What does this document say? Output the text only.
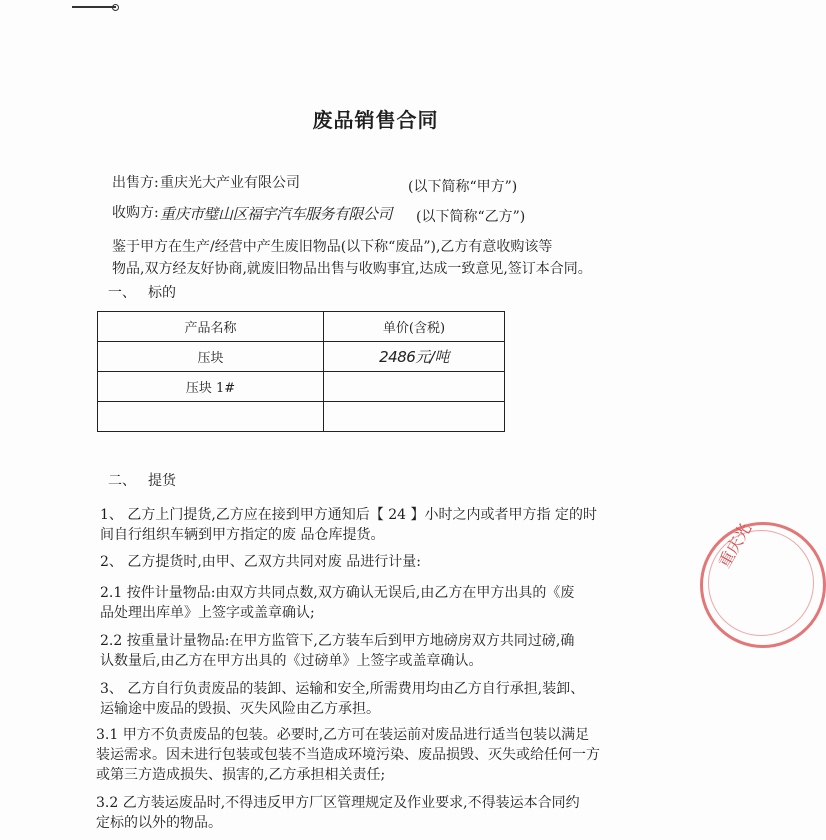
废品销售合同
出售方: 重庆光大产业有限公司	(以下简称“甲方”)
收购方: 重庆市璧山区福宇汽车服务有限公司 (以下简称“乙方”)
鉴于甲方在生产/经营中产生废旧物品(以下称“废品”),乙方有意收购该等
物品,双方经友好协商,就废旧物品出售与收购事宜,达成一致意见,签订本合同。
一、 标的
产品名称	单价(含税)
压块	2486元/吨
压块 1#	

二、 提货
1、 乙方上门提货,乙方应在接到甲方通知后【 24 】小时之内或者甲方指 定的时
间自行组织车辆到甲方指定的废 品仓库提货。
2、 乙方提货时,由甲、乙双方共同对废 品进行计量:
2.1 按件计量物品:由双方共同点数,双方确认无误后,由乙方在甲方出具的《废
品处理出库单》上签字或盖章确认;
2.2 按重量计量物品:在甲方监管下,乙方装车后到甲方地磅房双方共同过磅,确
认数量后,由乙方在甲方出具的《过磅单》上签字或盖章确认。
3、 乙方自行负责废品的装卸、运输和安全,所需费用均由乙方自行承担,装卸、
运输途中废品的毁损、灭失风险由乙方承担。
3.1 甲方不负责废品的包装。必要时,乙方可在装运前对废品进行适当包装以满足
装运需求。因未进行包装或包装不当造成环境污染、废品损毁、灭失或给任何一方
或第三方造成损失、损害的,乙方承担相关责任;
3.2 乙方装运废品时,不得违反甲方厂区管理规定及作业要求,不得装运本合同约
定标的以外的物品。
重庆光
